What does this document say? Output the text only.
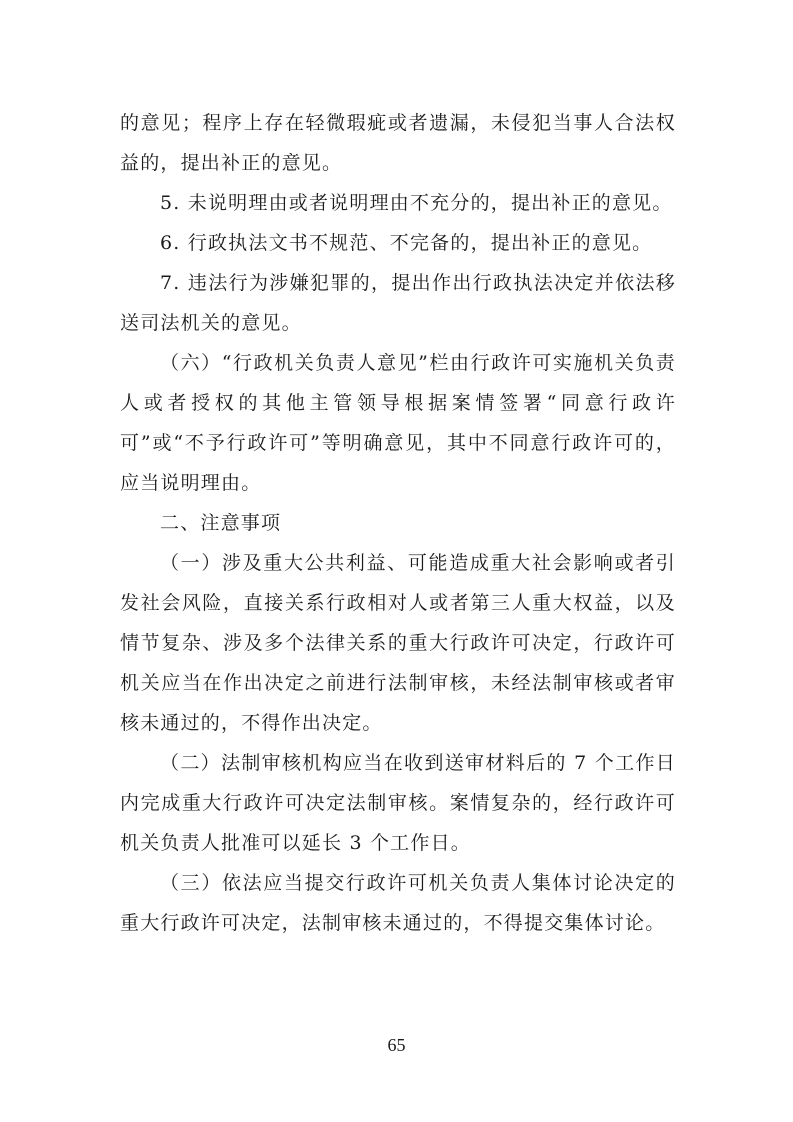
的意见；程序上存在轻微瑕疵或者遗漏，未侵犯当事人合法权益的，提出补正的意见。

5. 未说明理由或者说明理由不充分的，提出补正的意见。

6. 行政执法文书不规范、不完备的，提出补正的意见。

7. 违法行为涉嫌犯罪的，提出作出行政执法决定并依法移送司法机关的意见。

（六）“行政机关负责人意见”栏由行政许可实施机关负责人或者授权的其他主管领导根据案情签署“同意行政许可”或“不予行政许可”等明确意见，其中不同意行政许可的，应当说明理由。

二、注意事项

（一）涉及重大公共利益、可能造成重大社会影响或者引发社会风险，直接关系行政相对人或者第三人重大权益，以及情节复杂、涉及多个法律关系的重大行政许可决定，行政许可机关应当在作出决定之前进行法制审核，未经法制审核或者审核未通过的，不得作出决定。

（二）法制审核机构应当在收到送审材料后的 7 个工作日内完成重大行政许可决定法制审核。案情复杂的，经行政许可机关负责人批准可以延长 3 个工作日。

（三）依法应当提交行政许可机关负责人集体讨论决定的重大行政许可决定，法制审核未通过的，不得提交集体讨论。

65
